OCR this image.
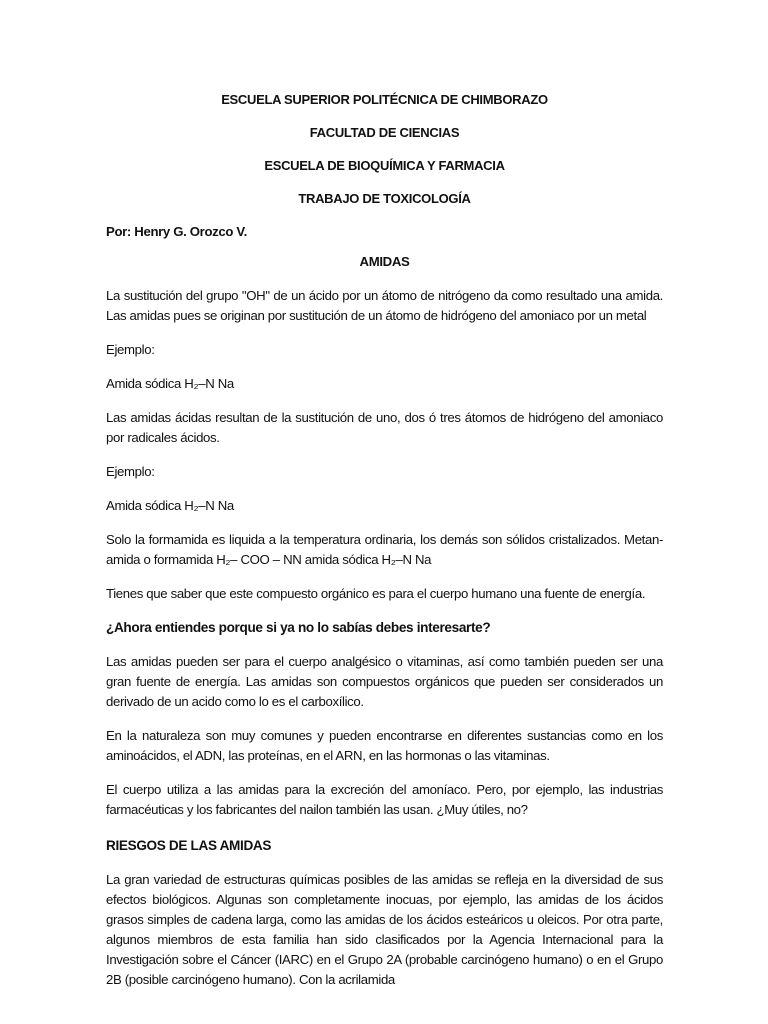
ESCUELA SUPERIOR POLITÉCNICA DE CHIMBORAZO

FACULTAD DE CIENCIAS

ESCUELA DE BIOQUÍMICA Y FARMACIA

TRABAJO DE TOXICOLOGÍA

Por: Henry G. Orozco V.

AMIDAS

La sustitución del grupo "OH" de un ácido por un átomo de nitrógeno da como resultado una amida. Las amidas pues se originan por sustitución de un átomo de hidrógeno del amoniaco por un metal

Ejemplo:

Amida sódica H₂–N Na

Las amidas ácidas resultan de la sustitución de uno, dos ó tres átomos de hidrógeno del amoniaco por radicales ácidos.

Ejemplo:

Amida sódica H₂–N Na

Solo la formamida es liquida a la temperatura ordinaria, los demás son sólidos cristalizados. Metan-amida o formamida H₂– COO – NN amida sódica H₂–N Na

Tienes que saber que este compuesto orgánico es para el cuerpo humano una fuente de energía.

¿Ahora entiendes porque si ya no lo sabías debes interesarte?

Las amidas pueden ser para el cuerpo analgésico o vitaminas, así como también pueden ser una gran fuente de energía. Las amidas son compuestos orgánicos que pueden ser considerados un derivado de un acido como lo es el carboxílico.

En la naturaleza son muy comunes y pueden encontrarse en diferentes sustancias como en los aminoácidos, el ADN, las proteínas, en el ARN, en las hormonas o las vitaminas.

El cuerpo utiliza a las amidas para la excreción del amoníaco. Pero, por ejemplo, las industrias farmacéuticas y los fabricantes del nailon también las usan. ¿Muy útiles, no?

RIESGOS DE LAS AMIDAS

La gran variedad de estructuras químicas posibles de las amidas se refleja en la diversidad de sus efectos biológicos. Algunas son completamente inocuas, por ejemplo, las amidas de los ácidos grasos simples de cadena larga, como las amidas de los ácidos esteáricos u oleicos. Por otra parte, algunos miembros de esta familia han sido clasificados por la Agencia Internacional para la Investigación sobre el Cáncer (IARC) en el Grupo 2A (probable carcinógeno humano) o en el Grupo 2B (posible carcinógeno humano). Con la acrilamida
